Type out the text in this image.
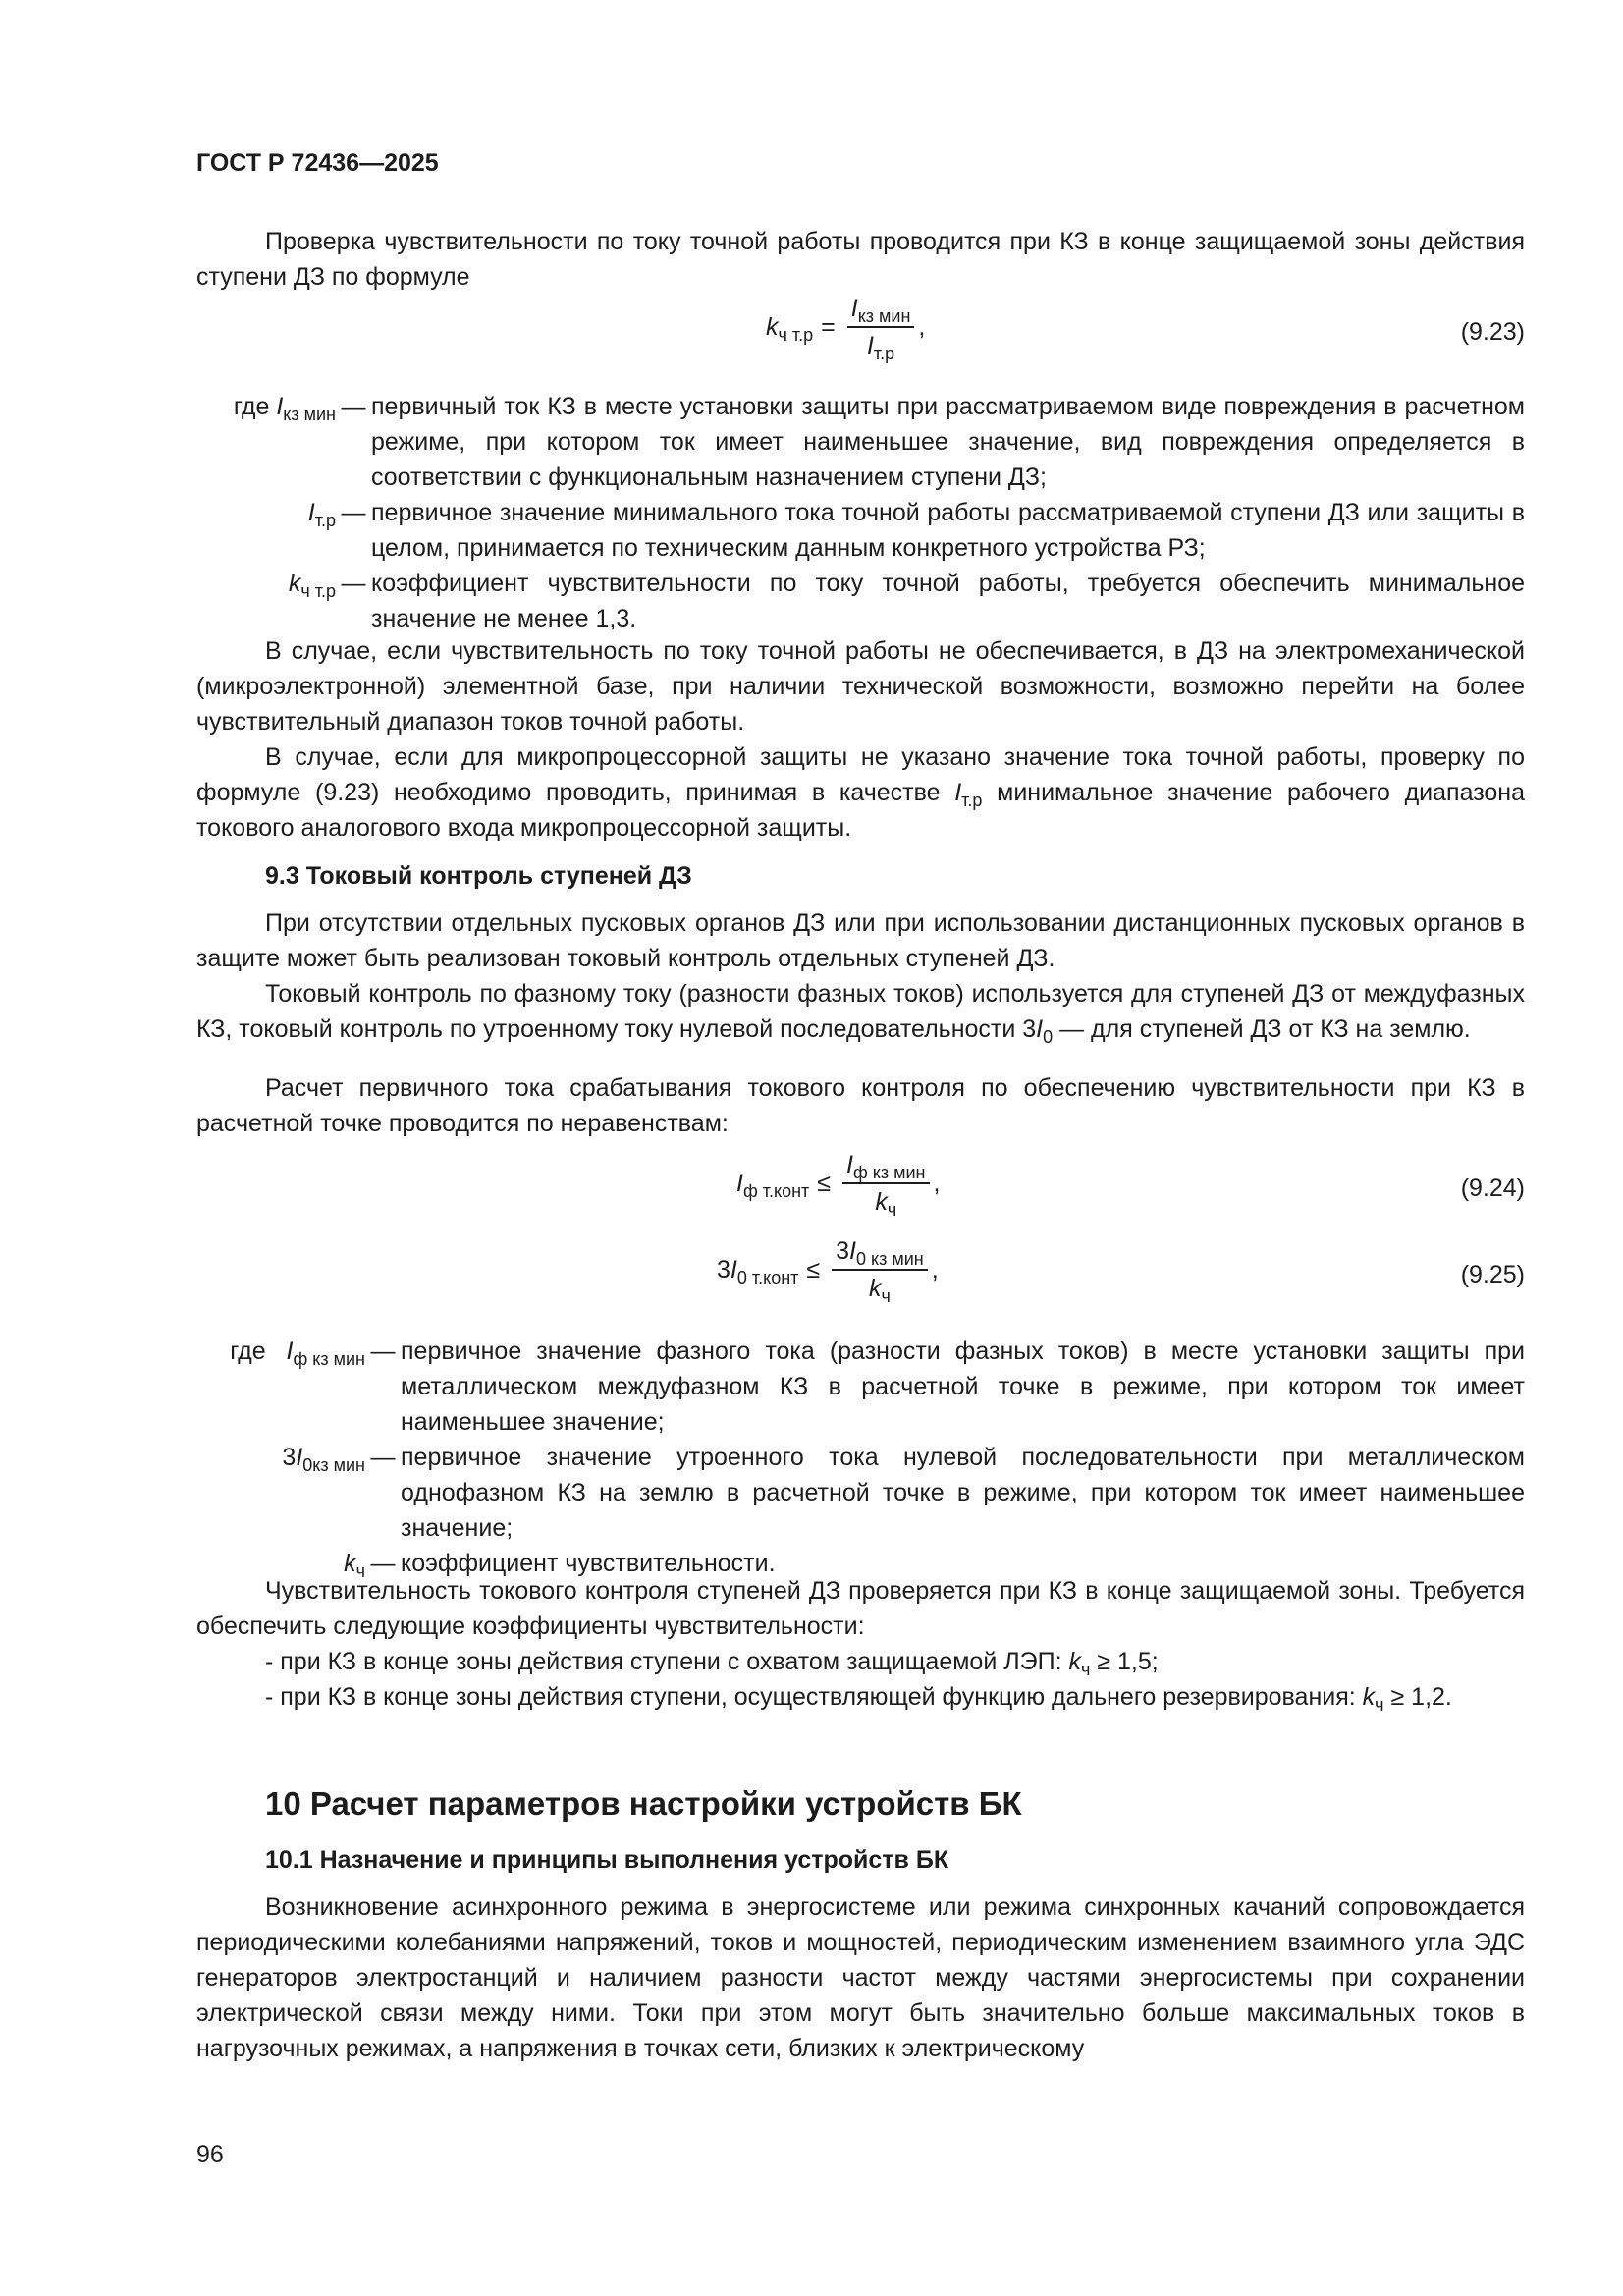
ГОСТ Р 72436—2025
Проверка чувствительности по току точной работы проводится при КЗ в конце защищаемой зоны действия ступени ДЗ по формуле
$k_{ч т.р} = \frac{I_{кз мин}}{I_{т.р}}$ ,	(9.23)
где $I_{кз мин}$ — первичный ток КЗ в месте установки защиты при рассматриваемом виде повреждения в расчетном режиме, при котором ток имеет наименьшее значение, вид повреждения определяется в соответствии с функциональным назначением ступени ДЗ;
$I_{т.р}$ — первичное значение минимального тока точной работы рассматриваемой ступени ДЗ или защиты в целом, принимается по техническим данным конкретного устройства РЗ;
$k_{ч т.р}$ — коэффициент чувствительности по току точной работы, требуется обеспечить минимальное значение не менее 1,3.
В случае, если чувствительность по току точной работы не обеспечивается, в ДЗ на электромеханической (микроэлектронной) элементной базе, при наличии технической возможности, возможно перейти на более чувствительный диапазон токов точной работы.
В случае, если для микропроцессорной защиты не указано значение тока точной работы, проверку по формуле (9.23) необходимо проводить, принимая в качестве $I_{т.р}$ минимальное значение рабочего диапазона токового аналогового входа микропроцессорной защиты.
9.3 Токовый контроль ступеней ДЗ
При отсутствии отдельных пусковых органов ДЗ или при использовании дистанционных пусковых органов в защите может быть реализован токовый контроль отдельных ступеней ДЗ.
Токовый контроль по фазному току (разности фазных токов) используется для ступеней ДЗ от междуфазных КЗ, токовый контроль по утроенному току нулевой последовательности $3I_0$ — для ступеней ДЗ от КЗ на землю.
Расчет первичного тока срабатывания токового контроля по обеспечению чувствительности при КЗ в расчетной точке проводится по неравенствам:
$I_{ф т.конт} \le \frac{I_{ф кз мин}}{k_ч}$ ,	(9.24)
$3I_{0 т.конт} \le \frac{3I_{0 кз мин}}{k_ч}$ ,	(9.25)
где $I_{ф кз мин}$ — первичное значение фазного тока (разности фазных токов) в месте установки защиты при металлическом междуфазном КЗ в расчетной точке в режиме, при котором ток имеет наименьшее значение;
$3I_{0кз мин}$ — первичное значение утроенного тока нулевой последовательности при металлическом однофазном КЗ на землю в расчетной точке в режиме, при котором ток имеет наименьшее значение;
$k_ч$ — коэффициент чувствительности.
Чувствительность токового контроля ступеней ДЗ проверяется при КЗ в конце защищаемой зоны. Требуется обеспечить следующие коэффициенты чувствительности:
- при КЗ в конце зоны действия ступени с охватом защищаемой ЛЭП: $k_ч \ge 1,5$;
- при КЗ в конце зоны действия ступени, осуществляющей функцию дальнего резервирования: $k_ч \ge 1,2$.
10 Расчет параметров настройки устройств БК
10.1 Назначение и принципы выполнения устройств БК
Возникновение асинхронного режима в энергосистеме или режима синхронных качаний сопровождается периодическими колебаниями напряжений, токов и мощностей, периодическим изменением взаимного угла ЭДС генераторов электростанций и наличием разности частот между частями энергосистемы при сохранении электрической связи между ними. Токи при этом могут быть значительно больше максимальных токов в нагрузочных режимах, а напряжения в точках сети, близких к электрическому
96
